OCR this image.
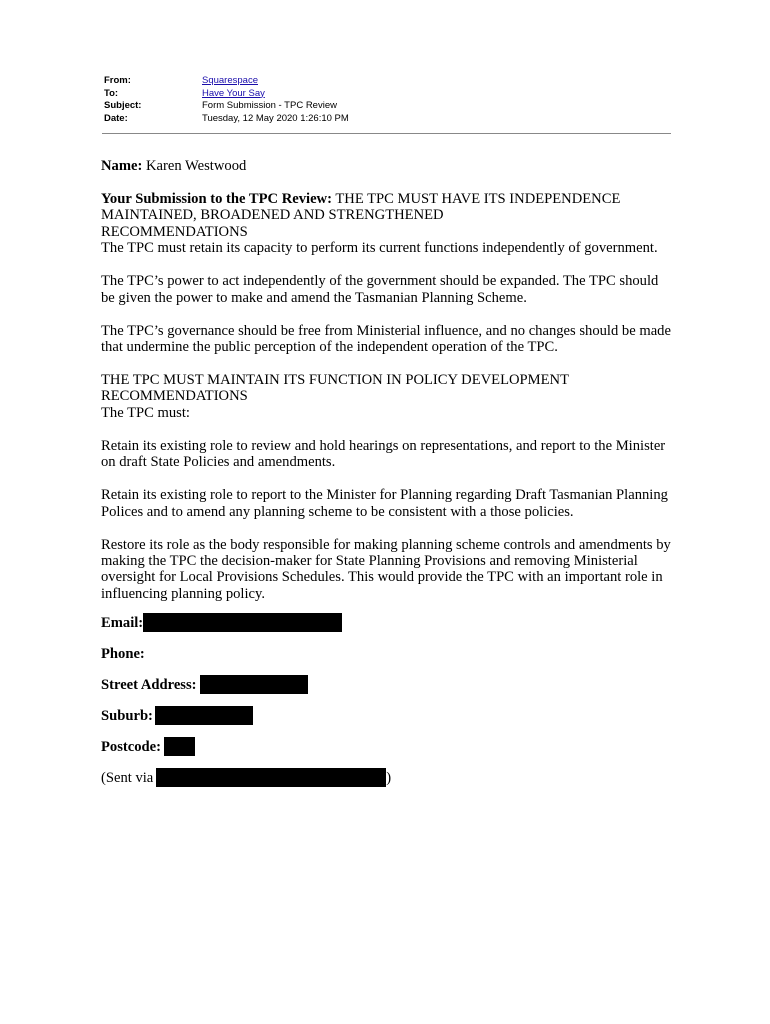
From:	Squarespace
To:	Have Your Say
Subject:	Form Submission - TPC Review
Date:	Tuesday, 12 May 2020 1:26:10 PM

Name: Karen Westwood

Your Submission to the TPC Review: THE TPC MUST HAVE ITS INDEPENDENCE MAINTAINED, BROADENED AND STRENGTHENED
RECOMMENDATIONS
The TPC must retain its capacity to perform its current functions independently of government.

The TPC’s power to act independently of the government should be expanded. The TPC should be given the power to make and amend the Tasmanian Planning Scheme.

The TPC’s governance should be free from Ministerial influence, and no changes should be made that undermine the public perception of the independent operation of the TPC.

THE TPC MUST MAINTAIN ITS FUNCTION IN POLICY DEVELOPMENT
RECOMMENDATIONS
The TPC must:

Retain its existing role to review and hold hearings on representations, and report to the Minister on draft State Policies and amendments.

Retain its existing role to report to the Minister for Planning regarding Draft Tasmanian Planning Polices and to amend any planning scheme to be consistent with a those policies.

Restore its role as the body responsible for making planning scheme controls and amendments by making the TPC the decision-maker for State Planning Provisions and removing Ministerial oversight for Local Provisions Schedules. This would provide the TPC with an important role in influencing planning policy.

Email:
Phone:
Street Address:
Suburb:
Postcode:
(Sent via	)
